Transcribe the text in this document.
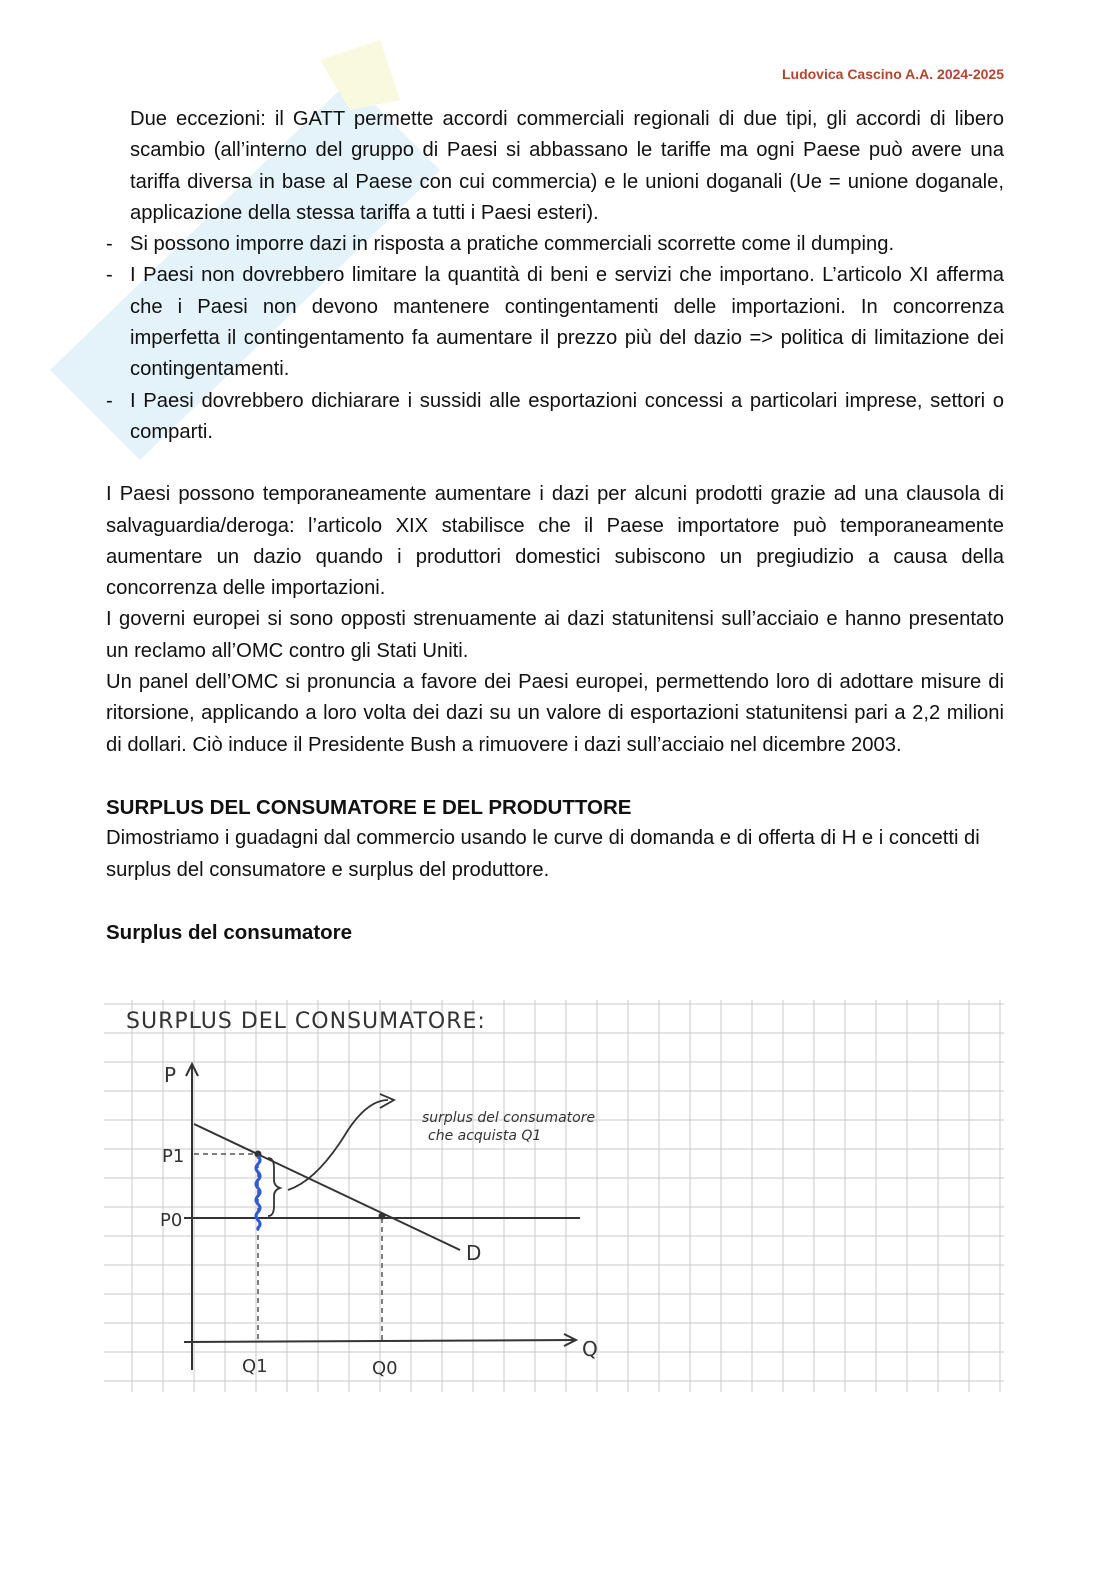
Ludovica Cascino A.A. 2024-2025

Due eccezioni: il GATT permette accordi commerciali regionali di due tipi, gli accordi di libero scambio (all’interno del gruppo di Paesi si abbassano le tariffe ma ogni Paese può avere una tariffa diversa in base al Paese con cui commercia) e le unioni doganali (Ue = unione doganale, applicazione della stessa tariffa a tutti i Paesi esteri).

- Si possono imporre dazi in risposta a pratiche commerciali scorrette come il dumping.
- I Paesi non dovrebbero limitare la quantità di beni e servizi che importano. L’articolo XI afferma che i Paesi non devono mantenere contingentamenti delle importazioni. In concorrenza imperfetta il contingentamento fa aumentare il prezzo più del dazio => politica di limitazione dei contingentamenti.
- I Paesi dovrebbero dichiarare i sussidi alle esportazioni concessi a particolari imprese, settori o comparti.

I Paesi possono temporaneamente aumentare i dazi per alcuni prodotti grazie ad una clausola di salvaguardia/deroga: l’articolo XIX stabilisce che il Paese importatore può temporaneamente aumentare un dazio quando i produttori domestici subiscono un pregiudizio a causa della concorrenza delle importazioni.

I governi europei si sono opposti strenuamente ai dazi statunitensi sull’acciaio e hanno presentato un reclamo all’OMC contro gli Stati Uniti.

Un panel dell’OMC si pronuncia a favore dei Paesi europei, permettendo loro di adottare misure di ritorsione, applicando a loro volta dei dazi su un valore di esportazioni statunitensi pari a 2,2 milioni di dollari. Ciò induce il Presidente Bush a rimuovere i dazi sull’acciaio nel dicembre 2003.

SURPLUS DEL CONSUMATORE E DEL PRODUTTORE

Dimostriamo i guadagni dal commercio usando le curve di domanda e di offerta di H e i concetti di surplus del consumatore e surplus del produttore.

Surplus del consumatore
SURPLUS DEL CONSUMATORE:
P
Q
D
P0
P1
surplus del consumatore
che acquista Q1
Q1	Q0
